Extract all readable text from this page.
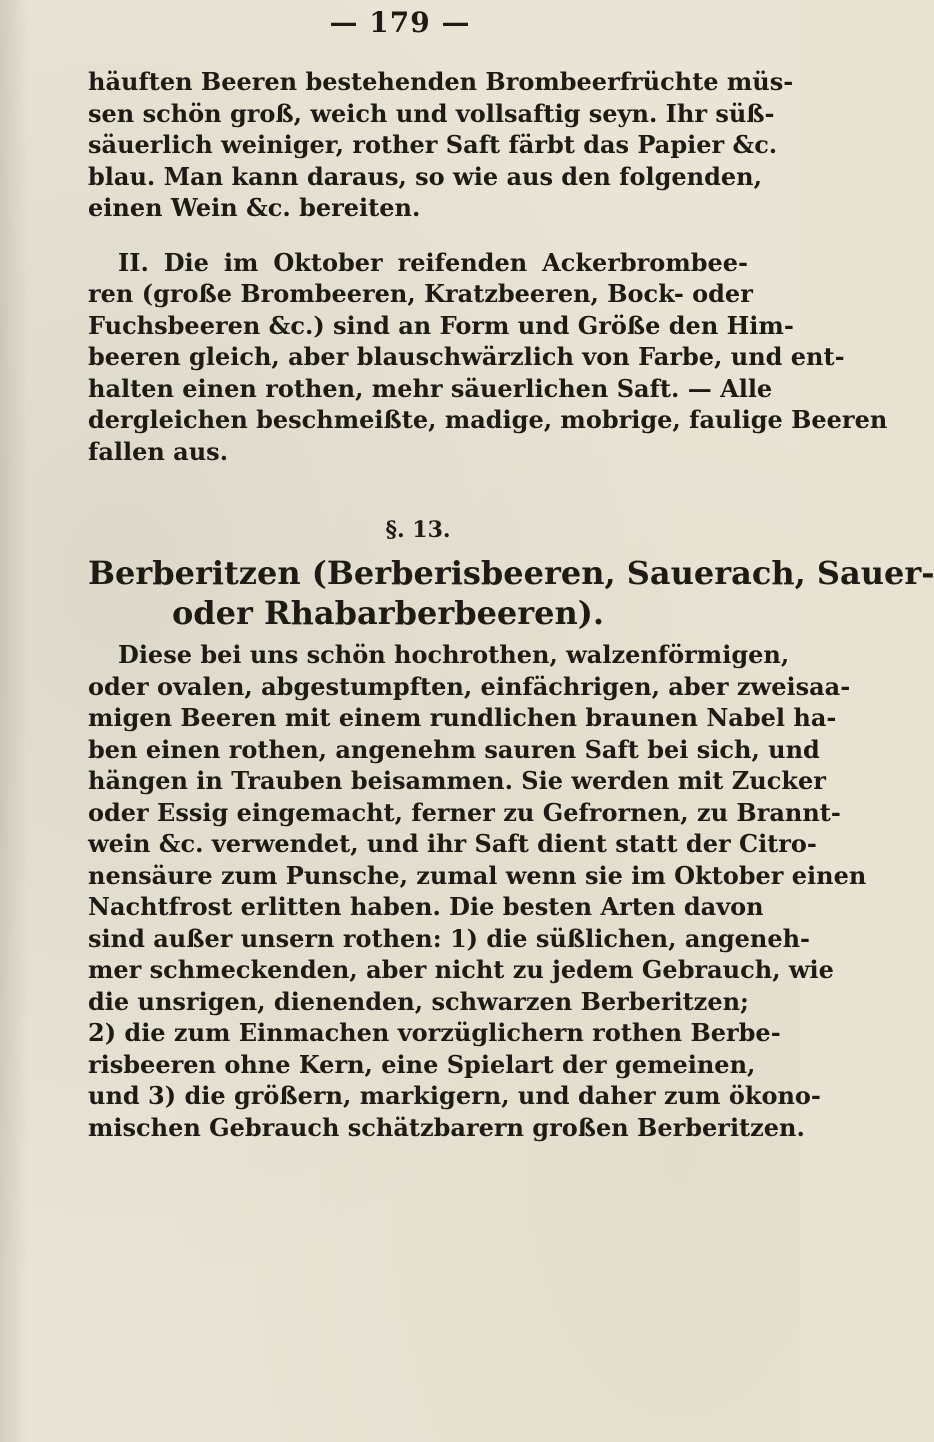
— 179 —
häuften Beeren bestehenden Brombeerfrüchte müs-
sen schön groß, weich und vollsaftig seyn. Ihr süß-
säuerlich weiniger, rother Saft färbt das Papier &c.
blau. Man kann daraus, so wie aus den folgenden,
einen Wein &c. bereiten.
II. Die im Oktober reifenden Ackerbrombee-
ren (große Brombeeren, Kratzbeeren, Bock- oder
Fuchsbeeren &c.) sind an Form und Größe den Him-
beeren gleich, aber blauschwärzlich von Farbe, und ent-
halten einen rothen, mehr säuerlichen Saft. — Alle
dergleichen beschmeißte, madige, mobrige, faulige Beeren
fallen aus.
§. 13.
Berberitzen (Berberisbeeren, Sauerach, Sauer-
oder Rhabarberbeeren).
Diese bei uns schön hochrothen, walzenförmigen,
oder ovalen, abgestumpften, einfächrigen, aber zweisaa-
migen Beeren mit einem rundlichen braunen Nabel ha-
ben einen rothen, angenehm sauren Saft bei sich, und
hängen in Trauben beisammen. Sie werden mit Zucker
oder Essig eingemacht, ferner zu Gefrornen, zu Brannt-
wein &c. verwendet, und ihr Saft dient statt der Citro-
nensäure zum Punsche, zumal wenn sie im Oktober einen
Nachtfrost erlitten haben. Die besten Arten davon
sind außer unsern rothen: 1) die süßlichen, angeneh-
mer schmeckenden, aber nicht zu jedem Gebrauch, wie
die unsrigen, dienenden, schwarzen Berberitzen;
2) die zum Einmachen vorzüglichern rothen Berbe-
risbeeren ohne Kern, eine Spielart der gemeinen,
und 3) die größern, markigern, und daher zum ökono-
mischen Gebrauch schätzbarern großen Berberitzen.
